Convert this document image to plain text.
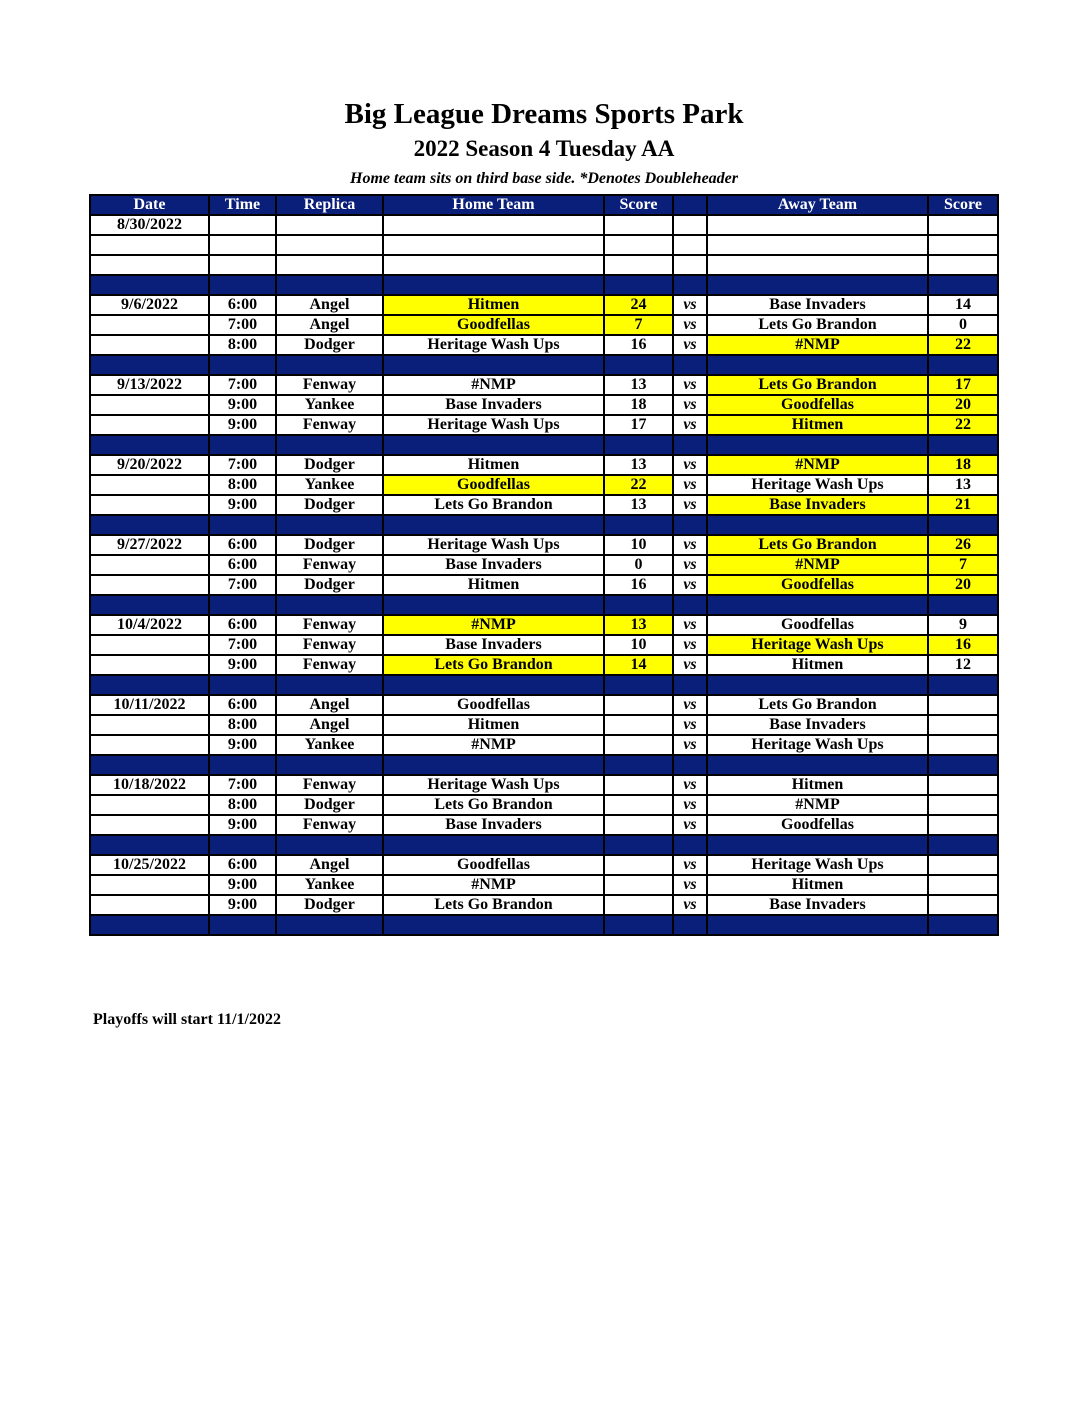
Big League Dreams Sports Park
2022 Season 4 Tuesday AA
Home team sits on third base side. *Denotes Doubleheader
Date	Time	Replica	Home Team	Score		Away Team	Score
8/30/2022							

9/6/2022	6:00	Angel	Hitmen	24	vs	Base Invaders	14
	7:00	Angel	Goodfellas	7	vs	Lets Go Brandon	0
	8:00	Dodger	Heritage Wash Ups	16	vs	#NMP	22

9/13/2022	7:00	Fenway	#NMP	13	vs	Lets Go Brandon	17
	9:00	Yankee	Base Invaders	18	vs	Goodfellas	20
	9:00	Fenway	Heritage Wash Ups	17	vs	Hitmen	22

9/20/2022	7:00	Dodger	Hitmen	13	vs	#NMP	18
	8:00	Yankee	Goodfellas	22	vs	Heritage Wash Ups	13
	9:00	Dodger	Lets Go Brandon	13	vs	Base Invaders	21

9/27/2022	6:00	Dodger	Heritage Wash Ups	10	vs	Lets Go Brandon	26
	6:00	Fenway	Base Invaders	0	vs	#NMP	7
	7:00	Dodger	Hitmen	16	vs	Goodfellas	20

10/4/2022	6:00	Fenway	#NMP	13	vs	Goodfellas	9
	7:00	Fenway	Base Invaders	10	vs	Heritage Wash Ups	16
	9:00	Fenway	Lets Go Brandon	14	vs	Hitmen	12

10/11/2022	6:00	Angel	Goodfellas		vs	Lets Go Brandon	
	8:00	Angel	Hitmen		vs	Base Invaders	
	9:00	Yankee	#NMP		vs	Heritage Wash Ups	

10/18/2022	7:00	Fenway	Heritage Wash Ups		vs	Hitmen	
	8:00	Dodger	Lets Go Brandon		vs	#NMP	
	9:00	Fenway	Base Invaders		vs	Goodfellas	

10/25/2022	6:00	Angel	Goodfellas		vs	Heritage Wash Ups	
	9:00	Yankee	#NMP		vs	Hitmen	
	9:00	Dodger	Lets Go Brandon		vs	Base Invaders	

Playoffs will start 11/1/2022
